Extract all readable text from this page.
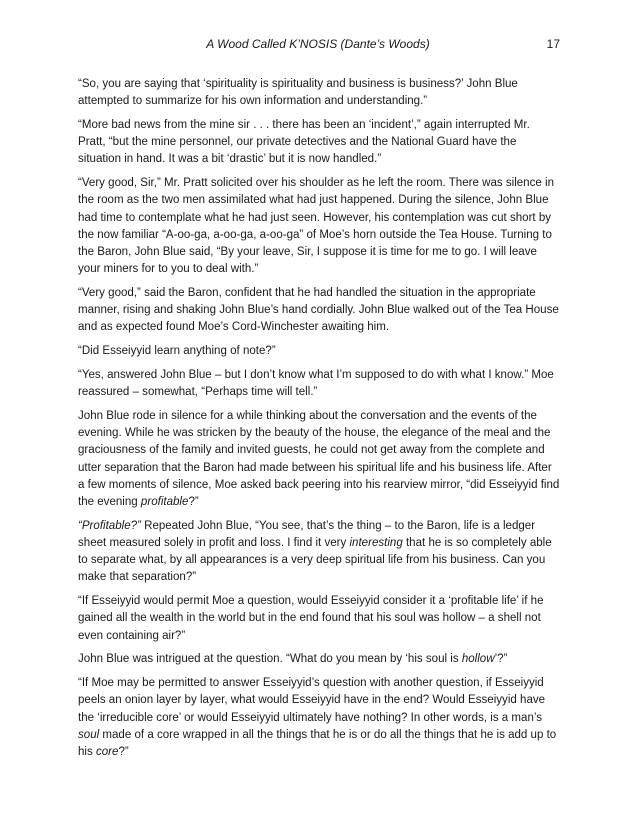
A Wood Called K’NOSIS (Dante’s Woods)	17

“So, you are saying that ‘spirituality is spirituality and business is business?’ John Blue attempted to summarize for his own information and understanding.”

“More bad news from the mine sir . . . there has been an ‘incident’,” again interrupted Mr. Pratt, “but the mine personnel, our private detectives and the National Guard have the situation in hand. It was a bit ‘drastic’ but it is now handled.”

“Very good, Sir,” Mr. Pratt solicited over his shoulder as he left the room. There was silence in the room as the two men assimilated what had just happened. During the silence, John Blue had time to contemplate what he had just seen. However, his contemplation was cut short by the now familiar “A-oo-ga, a-oo-ga, a-oo-ga” of Moe’s horn outside the Tea House. Turning to the Baron, John Blue said, “By your leave, Sir, I suppose it is time for me to go. I will leave your miners for to you to deal with.”

“Very good,” said the Baron, confident that he had handled the situation in the appropriate manner, rising and shaking John Blue’s hand cordially. John Blue walked out of the Tea House and as expected found Moe’s Cord-Winchester awaiting him.

“Did Esseiyyid learn anything of note?”

“Yes, answered John Blue – but I don’t know what I’m supposed to do with what I know.” Moe reassured – somewhat, “Perhaps time will tell.”

John Blue rode in silence for a while thinking about the conversation and the events of the evening. While he was stricken by the beauty of the house, the elegance of the meal and the graciousness of the family and invited guests, he could not get away from the complete and utter separation that the Baron had made between his spiritual life and his business life. After a few moments of silence, Moe asked back peering into his rearview mirror, “did Esseiyyid find the evening profitable?”

“Profitable?” Repeated John Blue, “You see, that’s the thing – to the Baron, life is a ledger sheet measured solely in profit and loss. I find it very interesting that he is so completely able to separate what, by all appearances is a very deep spiritual life from his business. Can you make that separation?”

“If Esseiyyid would permit Moe a question, would Esseiyyid consider it a ‘profitable life’ if he gained all the wealth in the world but in the end found that his soul was hollow – a shell not even containing air?”

John Blue was intrigued at the question. “What do you mean by ‘his soul is hollow’?”

“If Moe may be permitted to answer Esseiyyid’s question with another question, if Esseiyyid peels an onion layer by layer, what would Esseiyyid have in the end? Would Esseiyyid have the ‘irreducible core’ or would Esseiyyid ultimately have nothing? In other words, is a man’s soul made of a core wrapped in all the things that he is or do all the things that he is add up to his core?”
